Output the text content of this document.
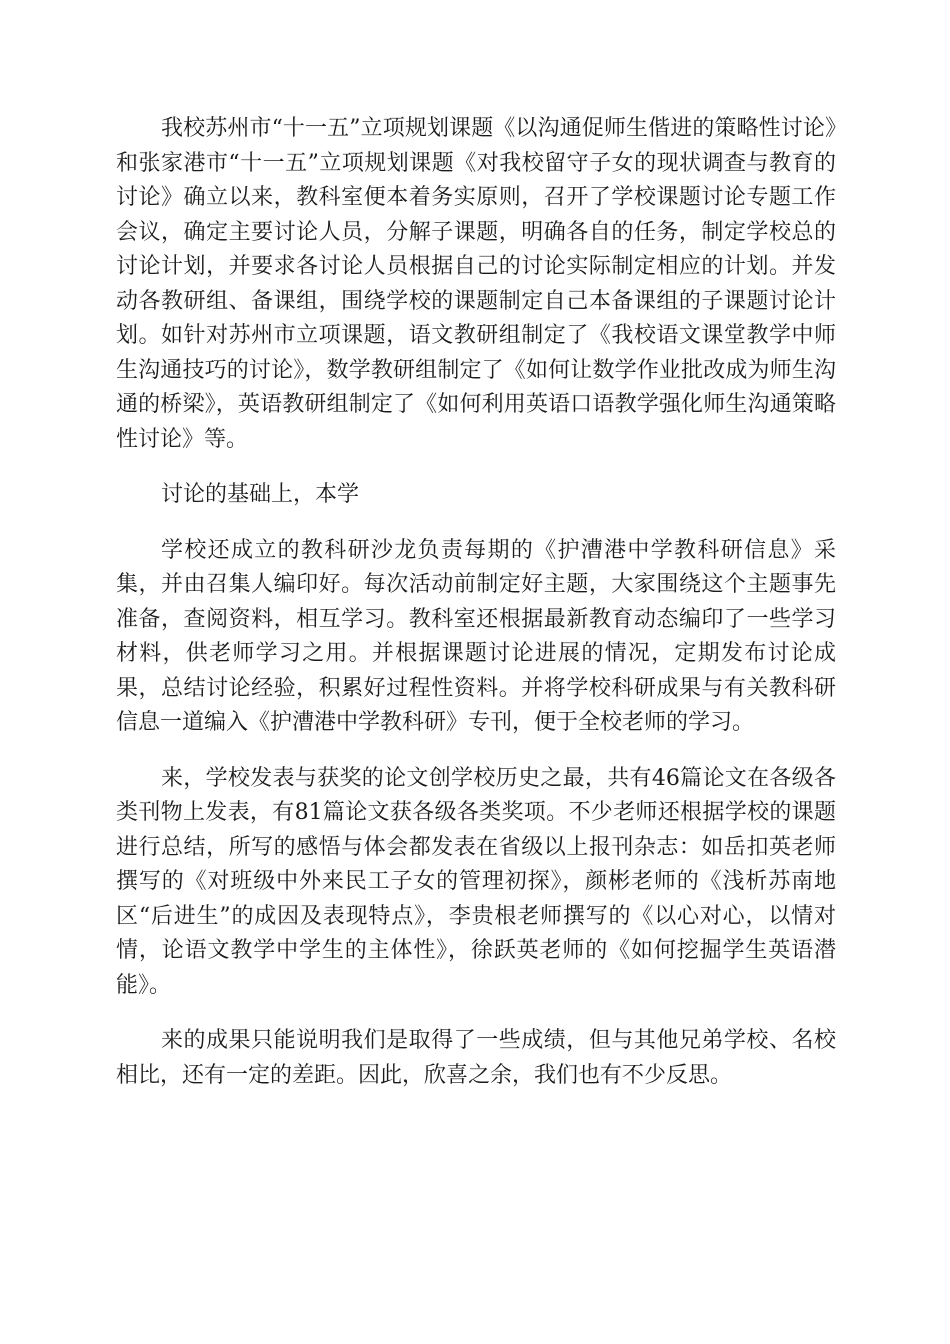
我校苏州市“十一五”立项规划课题《以沟通促师生偕进的策略性讨论》和张家港市“十一五”立项规划课题《对我校留守子女的现状调查与教育的讨论》确立以来，教科室便本着务实原则，召开了学校课题讨论专题工作会议，确定主要讨论人员，分解子课题，明确各自的任务，制定学校总的讨论计划，并要求各讨论人员根据自己的讨论实际制定相应的计划。并发动各教研组、备课组，围绕学校的课题制定自己本备课组的子课题讨论计划。如针对苏州市立项课题，语文教研组制定了《我校语文课堂教学中师生沟通技巧的讨论》，数学教研组制定了《如何让数学作业批改成为师生沟通的桥梁》，英语教研组制定了《如何利用英语口语教学强化师生沟通策略性讨论》等。

讨论的基础上，本学

学校还成立的教科研沙龙负责每期的《护漕港中学教科研信息》采集，并由召集人编印好。每次活动前制定好主题，大家围绕这个主题事先准备，查阅资料，相互学习。教科室还根据最新教育动态编印了一些学习材料，供老师学习之用。并根据课题讨论进展的情况，定期发布讨论成果，总结讨论经验，积累好过程性资料。并将学校科研成果与有关教科研信息一道编入《护漕港中学教科研》专刊，便于全校老师的学习。

来，学校发表与获奖的论文创学校历史之最，共有46篇论文在各级各类刊物上发表，有81篇论文获各级各类奖项。不少老师还根据学校的课题进行总结，所写的感悟与体会都发表在省级以上报刊杂志：如岳扣英老师撰写的《对班级中外来民工子女的管理初探》，颜彬老师的《浅析苏南地区“后进生”的成因及表现特点》，李贵根老师撰写的《以心对心，以情对情，论语文教学中学生的主体性》，徐跃英老师的《如何挖掘学生英语潜能》。

来的成果只能说明我们是取得了一些成绩，但与其他兄弟学校、名校相比，还有一定的差距。因此，欣喜之余，我们也有不少反思。
